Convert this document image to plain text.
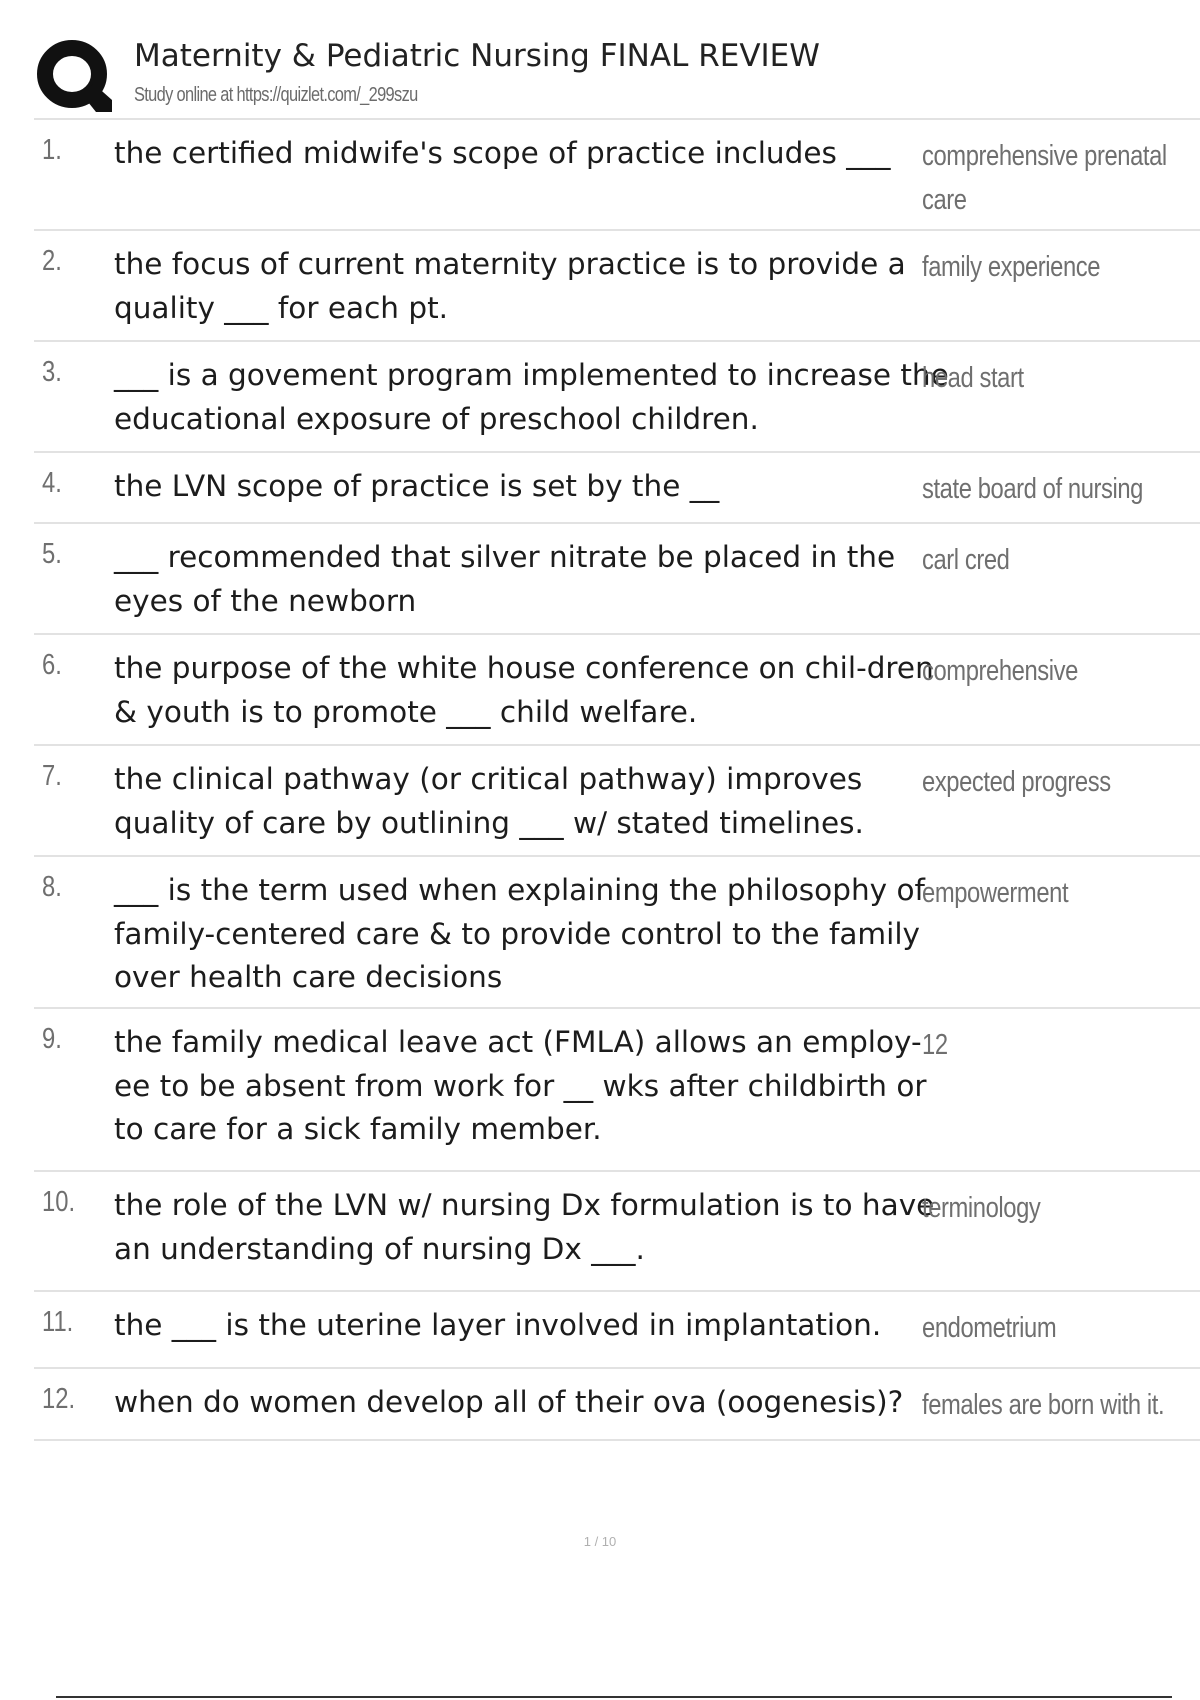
Maternity & Pediatric Nursing FINAL REVIEW
Study online at https://quizlet.com/_299szu
1. the certified midwife's scope of practice includes ___	comprehensive prenatal care
2. the focus of current maternity practice is to provide a quality ___ for each pt.
family experience
3. ___ is a govement program implemented to increase the educational exposure of preschool children.
head start
4. the LVN scope of practice is set by the __	state board of nursing
5. ___ recommended that silver nitrate be placed in the eyes of the newborn
carl cred
6. the purpose of the white house conference on chil-dren & youth is to promote ___ child welfare.
comprehensive
7. the clinical pathway (or critical pathway) improves quality of care by outlining ___ w/ stated timelines.
expected progress
8. ___ is the term used when explaining the philosophy of family-centered care & to provide control to the family over health care decisions
empowerment
9. the family medical leave act (FMLA) allows an employ-ee to be absent from work for __ wks after childbirth or to care for a sick family member.
12
10. the role of the LVN w/ nursing Dx formulation is to have an understanding of nursing Dx ___.
terminology
11. the ___ is the uterine layer involved in implantation.	endometrium
12. when do women develop all of their ova (oogenesis)? females are born with it.
1 / 10
